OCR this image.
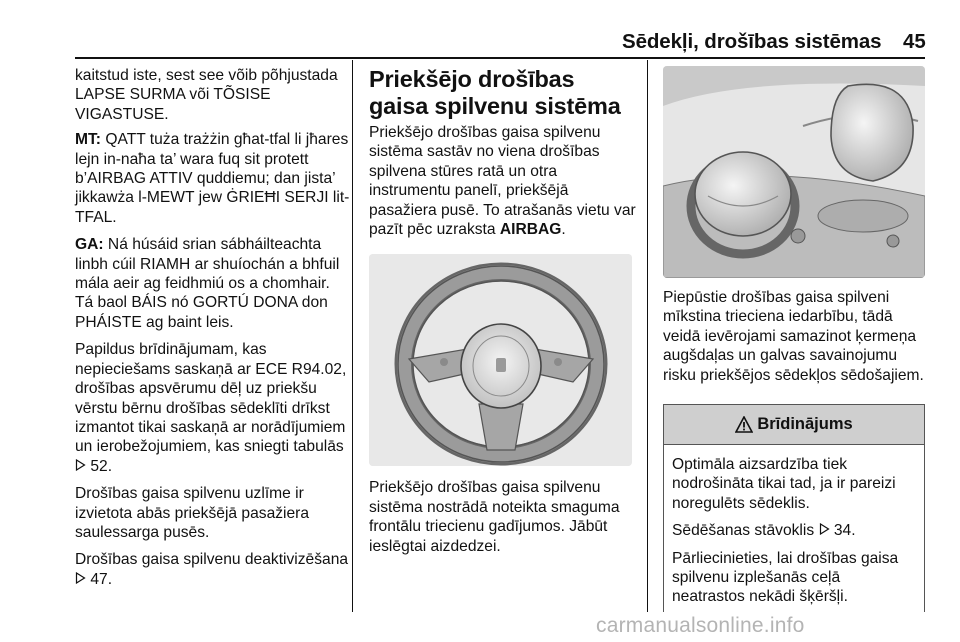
Sēdekļi, drošības sistēmas 45

kaitstud iste, sest see võib põhjustada LAPSE SURMA või TÕSISE VIGASTUSE.

MT: QATT tuża trażżin għat-tfal li jħares lejn in-naħa ta’ wara fuq sit protett b’AIRBAG ATTIV quddiemu; dan jista’ jikkawża l-MEWT jew ĠRIEĦI SERJI lit-TFAL.

GA: Ná húsáid srian sábháilteachta linbh cúil RIAMH ar shuíochán a bhfuil mála aeir ag feidhmiú os a chomhair. Tá baol BÁIS nó GORTÚ DONA don PHÁISTE ag baint leis.

Papildus brīdinājumam, kas nepieciešams saskaņā ar ECE R94.02, drošības apsvērumu dēļ uz priekšu vērstu bērnu drošības sēdeklīti drīkst izmantot tikai saskaņā ar norādījumiem un ierobežojumiem, kas sniegti tabulās  52.

Drošības gaisa spilvenu uzlīme ir izvietota abās priekšējā pasažiera saulessarga pusēs.

Drošības gaisa spilvenu deaktivizēšana  47.

Priekšējo drošības gaisa spilvenu sistēma

Priekšējo drošības gaisa spilvenu sistēma sastāv no viena drošības spilvena stūres ratā un otra instrumentu panelī, priekšējā pasažiera pusē. To atrašanās vietu var pazīt pēc uzraksta AIRBAG.

Priekšējo drošības gaisa spilvenu sistēma nostrādā noteikta smaguma frontālu triecienu gadījumos. Jābūt ieslēgtai aizdedzei.

Piepūstie drošības gaisa spilveni mīkstina trieciena iedarbību, tādā veidā ievērojami samazinot ķermeņa augšdaļas un galvas savainojumu risku priekšējos sēdekļos sēdošajiem.

Brīdinājums

Optimāla aizsardzība tiek nodrošināta tikai tad, ja ir pareizi noregulēts sēdeklis.

Sēdēšanas stāvoklis 34.

Pārliecinieties, lai drošības gaisa spilvenu izplešanās ceļā neatrastos nekādi šķēršļi.

carmanualsonline.info
